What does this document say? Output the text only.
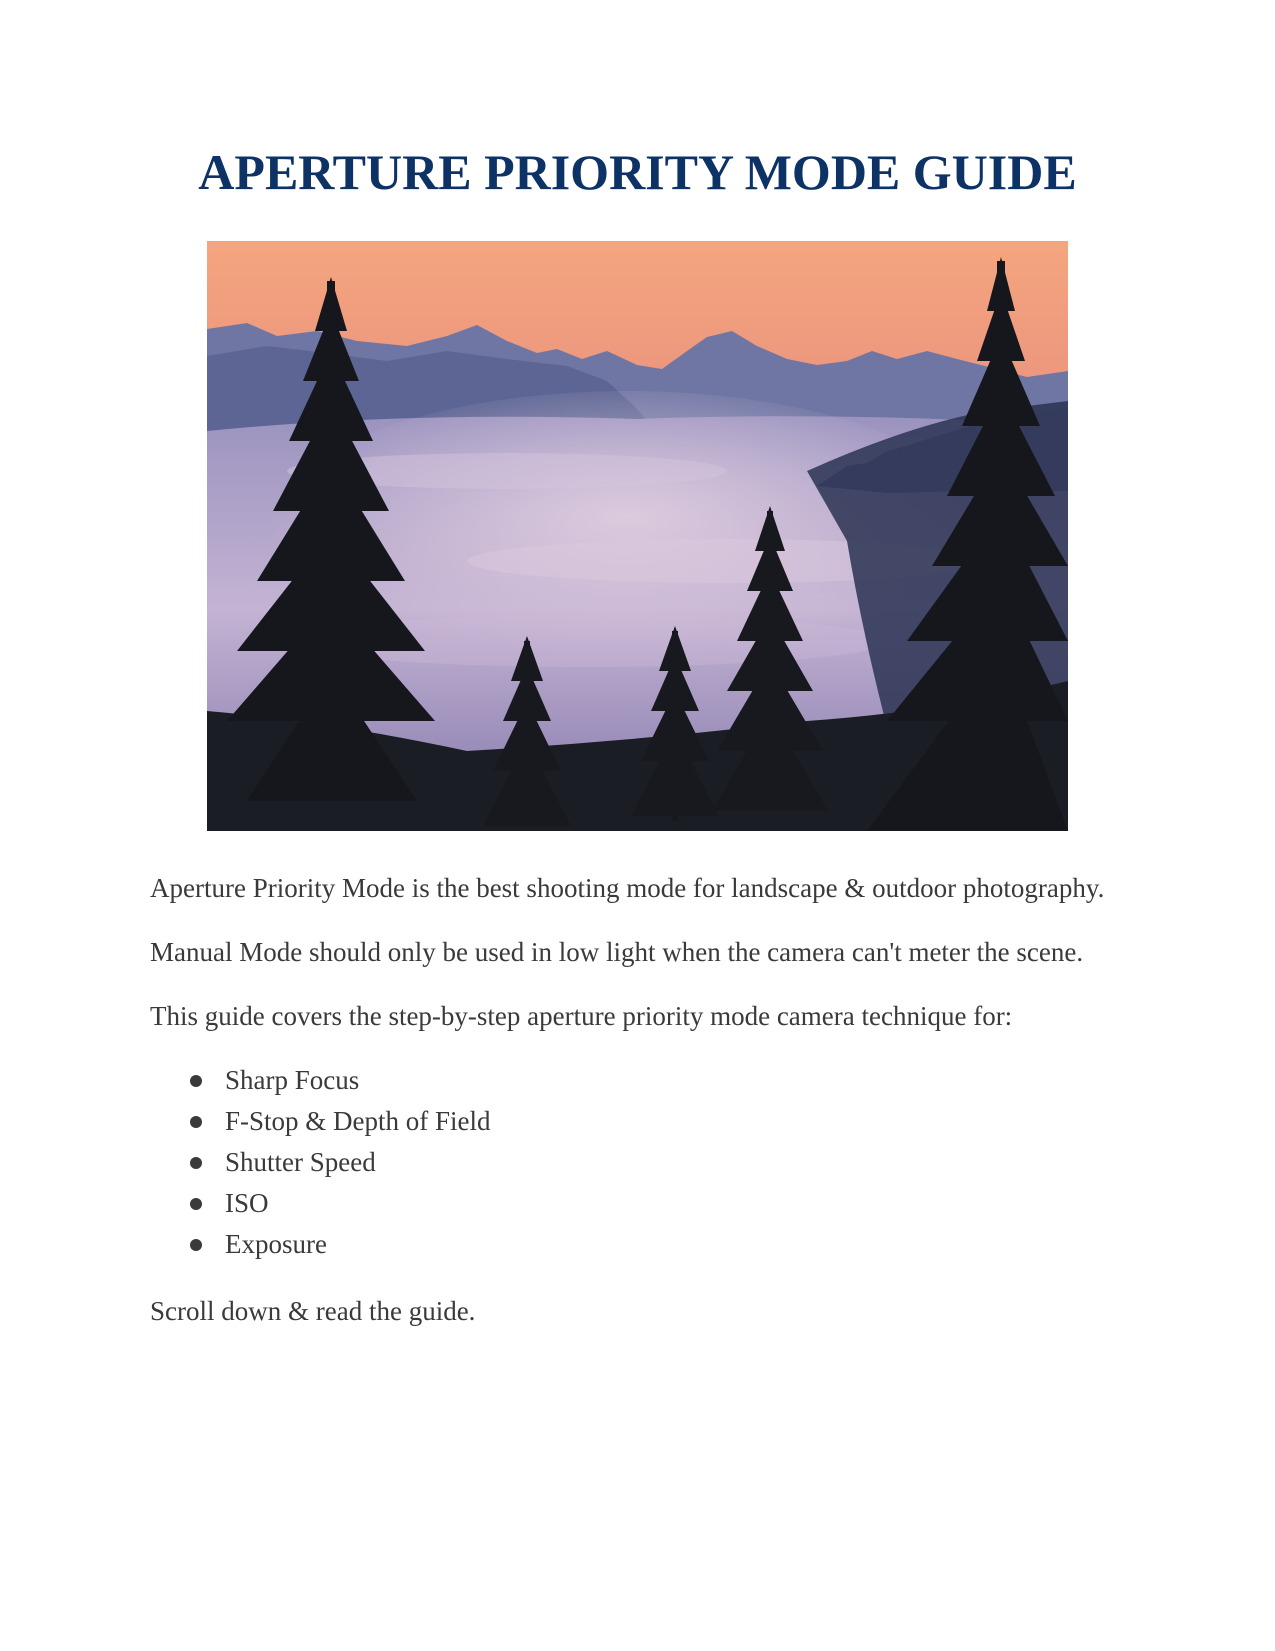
APERTURE PRIORITY MODE GUIDE

Aperture Priority Mode is the best shooting mode for landscape & outdoor photography.

Manual Mode should only be used in low light when the camera can't meter the scene.

This guide covers the step-by-step aperture priority mode camera technique for:

Sharp Focus
F-Stop & Depth of Field
Shutter Speed
ISO
Exposure

Scroll down & read the guide.
